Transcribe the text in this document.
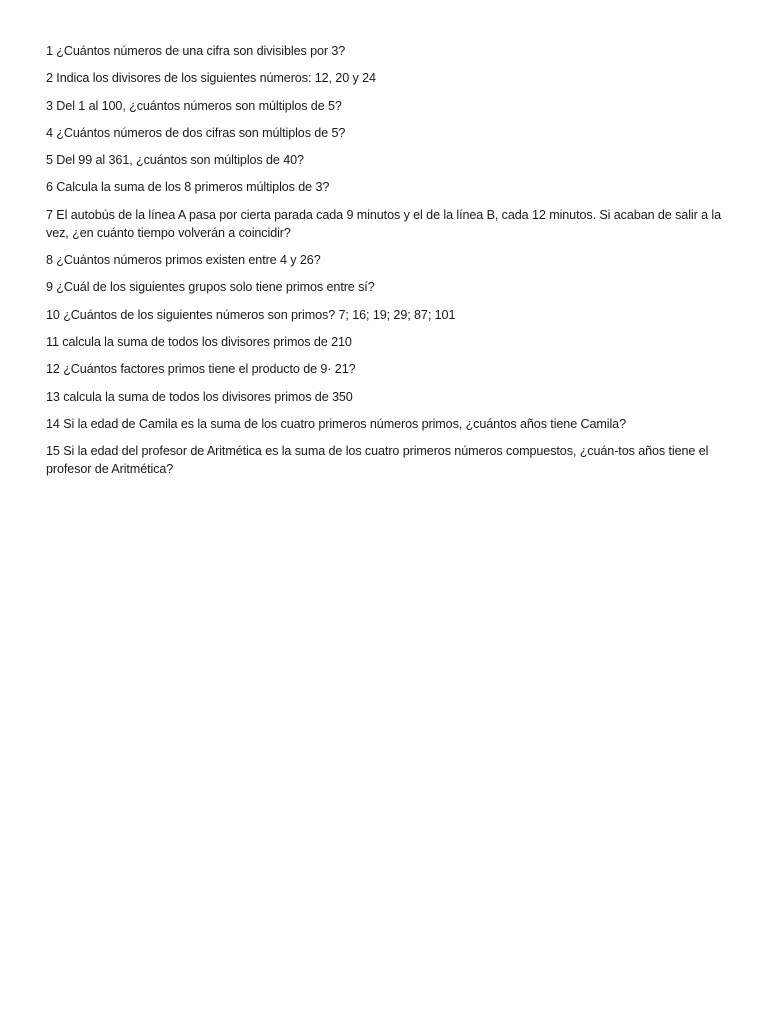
1 ¿Cuántos números de una cifra son divisibles por 3?
2 Indica los divisores de los siguientes números: 12, 20 y 24
3 Del 1 al 100, ¿cuántos números son múltiplos de 5?
4 ¿Cuántos números de dos cifras son múltiplos de 5?
5 Del 99 al 361, ¿cuántos son múltiplos de 40?
6 Calcula la suma de los 8 primeros múltiplos de 3?
7 El autobús de la línea A pasa por cierta parada cada 9 minutos y el de la línea B, cada 12 minutos. Si acaban de salir a la vez, ¿en cuánto tiempo volverán a coincidir?
8 ¿Cuántos números primos existen entre 4 y 26?
9 ¿Cuál de los siguientes grupos solo tiene primos entre sí?
10 ¿Cuántos de los siguientes números son primos? 7; 16; 19; 29; 87; 101
11 calcula la suma de todos los divisores primos de 210
12 ¿Cuántos factores primos tiene el producto de 9· 21?
13 calcula la suma de todos los divisores primos de 350
14 Si la edad de Camila es la suma de los cuatro primeros números primos, ¿cuántos años tiene Camila?
15 Si la edad del profesor de Aritmética es la suma de los cuatro primeros números compuestos, ¿cuán-tos años tiene el profesor de Aritmética?
